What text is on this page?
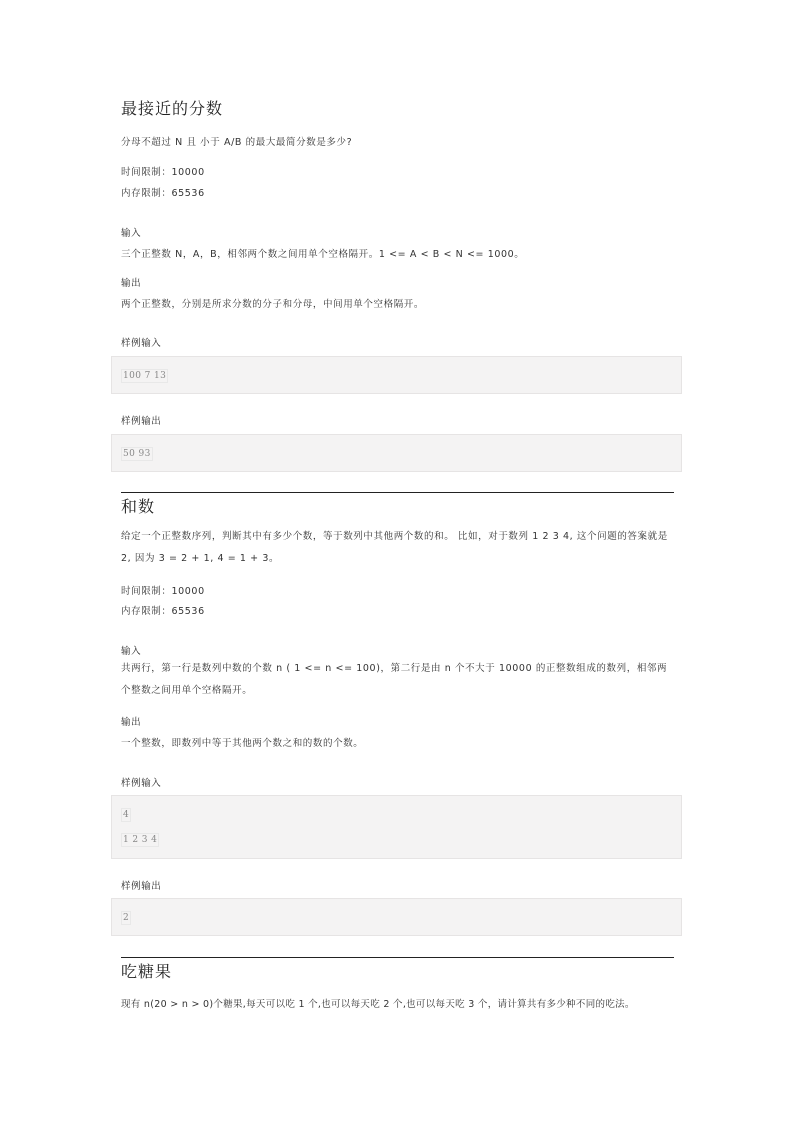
最接近的分数
分母不超过 N 且 小于 A/B 的最大最简分数是多少?
时间限制：10000
内存限制：65536
输入
三个正整数 N，A，B，相邻两个数之间用单个空格隔开。1 <= A < B < N <= 1000。
输出
两个正整数，分别是所求分数的分子和分母，中间用单个空格隔开。
样例输入
100 7 13
样例输出
50 93
和数
给定一个正整数序列，判断其中有多少个数，等于数列中其他两个数的和。 比如，对于数列 1 2 3 4, 这个问题的答案就是 2, 因为 3 = 2 + 1, 4 = 1 + 3。
时间限制：10000
内存限制：65536
输入
共两行，第一行是数列中数的个数 n ( 1 <= n <= 100)，第二行是由 n 个不大于 10000 的正整数组成的数列，相邻两个整数之间用单个空格隔开。
输出
一个整数，即数列中等于其他两个数之和的数的个数。
样例输入
4
1 2 3 4
样例输出
2
吃糖果
现有 n(20 > n > 0)个糖果,每天可以吃 1 个,也可以每天吃 2 个,也可以每天吃 3 个，请计算共有多少种不同的吃法。
